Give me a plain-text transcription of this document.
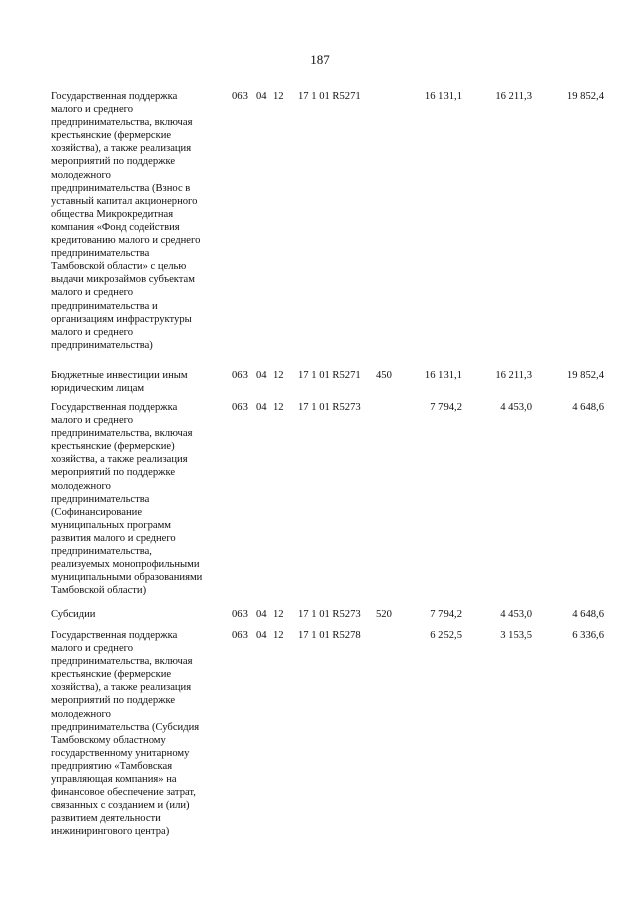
187
Государственная поддержка
малого и среднего
предпринимательства, включая
крестьянские (фермерские
хозяйства), а также реализация
мероприятий по поддержке
молодежного
предпринимательства (Взнос в
уставный капитал акционерного
общества Микрокредитная
компания «Фонд содействия
кредитованию малого и среднего
предпринимательства
Тамбовской области» с целью
выдачи микрозаймов субъектам
малого и среднего
предпринимательства и
организациям инфраструктуры
малого и среднего
предпринимательства)
063 04 12 17 1 01 R5271	16 131,1	16 211,3	19 852,4
Бюджетные инвестиции иным
юридическим лицам
063 04 12 17 1 01 R5271 450	16 131,1	16 211,3	19 852,4
Государственная поддержка
малого и среднего
предпринимательства, включая
крестьянские (фермерские)
хозяйства, а также реализация
мероприятий по поддержке
молодежного
предпринимательства
(Софинансирование
муниципальных программ
развития малого и среднего
предпринимательства,
реализуемых монопрофильными
муниципальными образованиями
Тамбовской области)
063 04 12 17 1 01 R5273	7 794,2	4 453,0	4 648,6
Субсидии	063 04 12 17 1 01 R5273 520	7 794,2	4 453,0	4 648,6
Государственная поддержка
малого и среднего
предпринимательства, включая
крестьянские (фермерские
хозяйства), а также реализация
мероприятий по поддержке
молодежного
предпринимательства (Субсидия
Тамбовскому областному
государственному унитарному
предприятию «Тамбовская
управляющая компания» на
финансовое обеспечение затрат,
связанных с созданием и (или)
развитием деятельности
инжинирингового центра)
063 04 12 17 1 01 R5278	6 252,5	3 153,5	6 336,6
